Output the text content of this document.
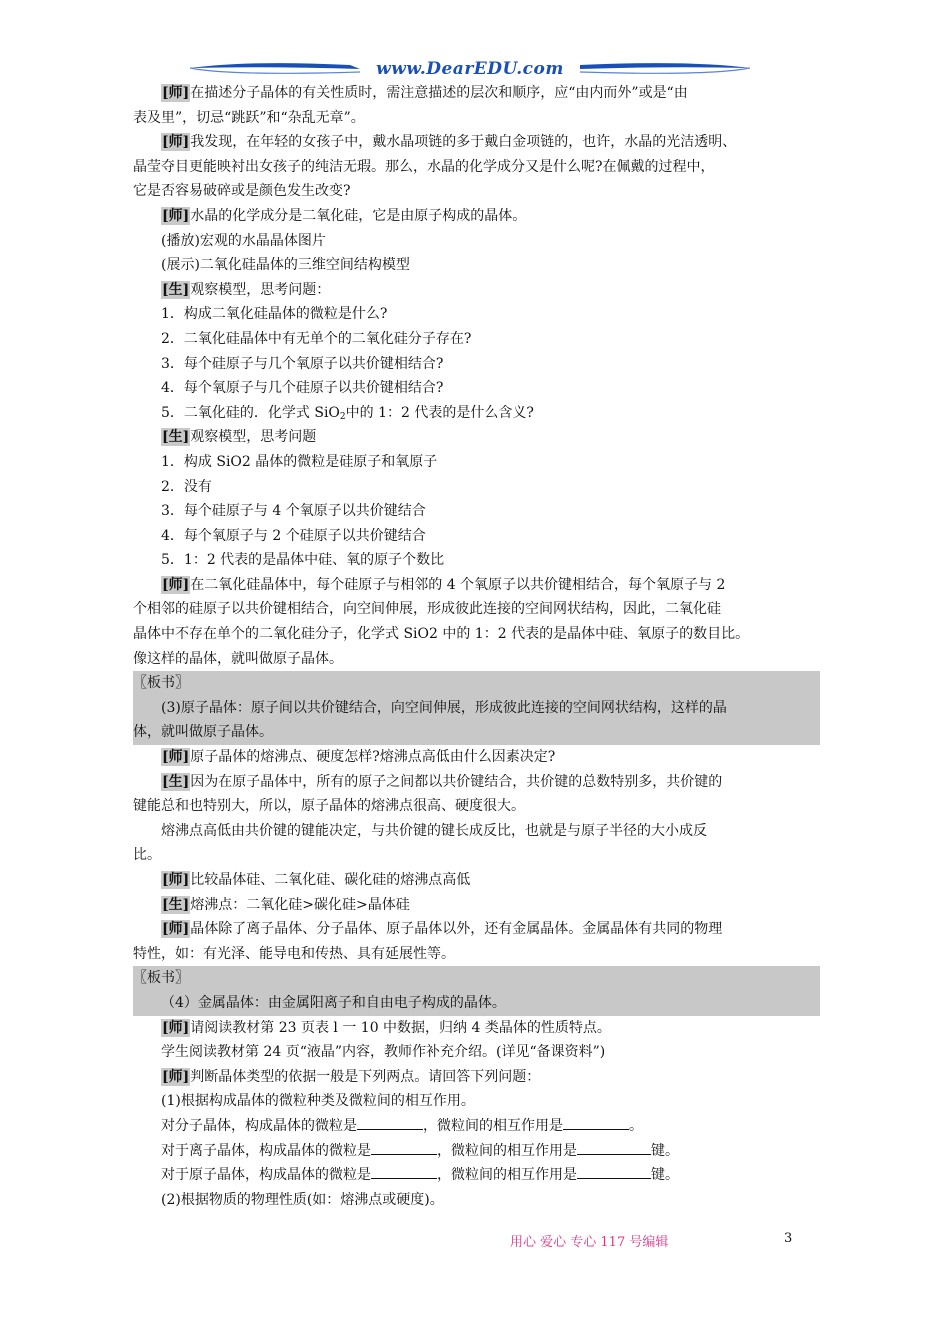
www.DearEDU.com
[师]在描述分子晶体的有关性质时，需注意描述的层次和顺序，应“由内而外”或是“由
表及里”，切忌“跳跃”和“杂乱无章”。
[师]我发现，在年轻的女孩子中，戴水晶项链的多于戴白金项链的，也许，水晶的光洁透明、
晶莹夺目更能映衬出女孩子的纯洁无瑕。那么，水晶的化学成分又是什么呢?在佩戴的过程中，
它是否容易破碎或是颜色发生改变?
[师]水晶的化学成分是二氧化硅，它是由原子构成的晶体。
(播放)宏观的水晶晶体图片
(展示)二氧化硅晶体的三维空间结构模型
[生]观察模型，思考问题：
1．构成二氧化硅晶体的微粒是什么?
2．二氧化硅晶体中有无单个的二氧化硅分子存在?
3．每个硅原子与几个氧原子以共价键相结合?
4．每个氧原子与几个硅原子以共价键相结合?
5．二氧化硅的．化学式 SiO$_2$中的 1：2 代表的是什么含义?
[生]观察模型，思考问题
1．构成 SiO2 晶体的微粒是硅原子和氧原子
2．没有
3．每个硅原子与 4 个氧原子以共价键结合
4．每个氧原子与 2 个硅原子以共价键结合
5．1：2 代表的是晶体中硅、氧的原子个数比
[师]在二氧化硅晶体中，每个硅原子与相邻的 4 个氧原子以共价键相结合，每个氧原子与 2
个相邻的硅原子以共价键相结合，向空间伸展，形成彼此连接的空间网状结构，因此，二氧化硅
晶体中不存在单个的二氧化硅分子，化学式 SiO2 中的 1：2 代表的是晶体中硅、氧原子的数目比。
像这样的晶体，就叫做原子晶体。
〖板书〗
(3)原子晶体：原子间以共价键结合，向空间伸展，形成彼此连接的空间网状结构，这样的晶
体，就叫做原子晶体。
[师]原子晶体的熔沸点、硬度怎样?熔沸点高低由什么因素决定?
[生]因为在原子晶体中，所有的原子之间都以共价键结合，共价键的总数特别多，共价键的
键能总和也特别大，所以，原子晶体的熔沸点很高、硬度很大。
熔沸点高低由共价键的键能决定，与共价键的键长成反比，也就是与原子半径的大小成反
比。
[师]比较晶体硅、二氧化硅、碳化硅的熔沸点高低
[生]熔沸点：二氧化硅>碳化硅>晶体硅
[师]晶体除了离子晶体、分子晶体、原子晶体以外，还有金属晶体。金属晶体有共同的物理
特性，如：有光泽、能导电和传热、具有延展性等。
〖板书〗
（4）金属晶体：由金属阳离子和自由电子构成的晶体。
[师]请阅读教材第 23 页表 l 一 10 中数据，归纳 4 类晶体的性质特点。
学生阅读教材第 24 页“液晶”内容，教师作补充介绍。(详见“备课资料”)
[师]判断晶体类型的依据一般是下列两点。请回答下列问题：
(1)根据构成晶体的微粒种类及微粒间的相互作用。
对分子晶体，构成晶体的微粒是	，微粒间的相互作用是	。
对于离子晶体，构成晶体的微粒是	，微粒间的相互作用是	键。
对于原子晶体，构成晶体的微粒是	，微粒间的相互作用是	键。
(2)根据物质的物理性质(如：熔沸点或硬度)。
用心 爱心 专心 117 号编辑	3
